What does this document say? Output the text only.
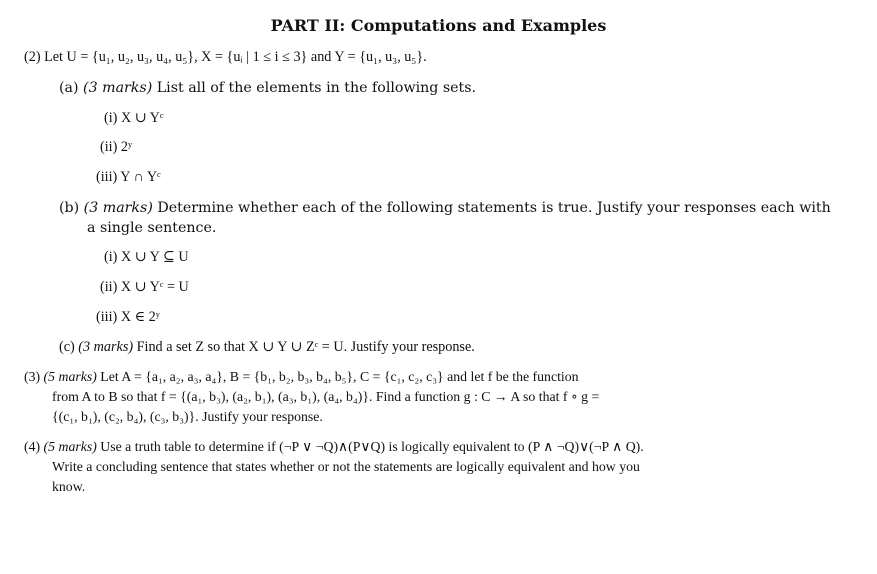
PART II: Computations and Examples
(2) Let U = {u₁, u₂, u₃, u₄, u₅}, X = {uᵢ | 1 ≤ i ≤ 3} and Y = {u₁, u₃, u₅}.
(a) (3 marks) List all of the elements in the following sets.
(i) X ∪ Yᶜ
(ii) 2ʸ
(iii) Y ∩ Yᶜ
(b) (3 marks) Determine whether each of the following statements is true. Justify your responses each with
a single sentence.
(i) X ∪ Y ⊆ U
(ii) X ∪ Yᶜ = U
(iii) X ∈ 2ʸ
(c) (3 marks) Find a set Z so that X ∪ Y ∪ Zᶜ = U. Justify your response.
(3) (5 marks) Let A = {a₁, a₂, a₃, a₄}, B = {b₁, b₂, b₃, b₄, b₅}, C = {c₁, c₂, c₃} and let f be the function
from A to B so that f = {(a₁, b₃), (a₂, b₁), (a₃, b₁), (a₄, b₄)}. Find a function g : C → A so that f ∘ g =
{(c₁, b₁), (c₂, b₄), (c₃, b₃)}. Justify your response.
(4) (5 marks) Use a truth table to determine if (¬P ∨ ¬Q)∧(P∨Q) is logically equivalent to (P ∧ ¬Q)∨(¬P ∧ Q).
Write a concluding sentence that states whether or not the statements are logically equivalent and how you
know.
